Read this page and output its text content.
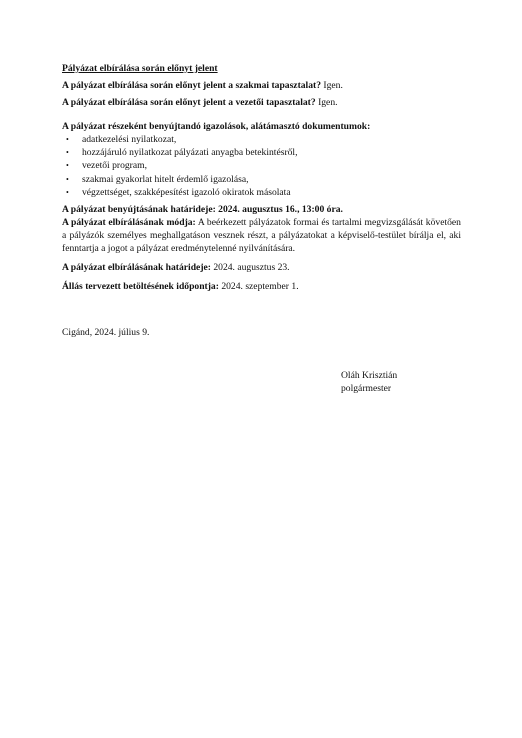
Pályázat elbírálása során előnyt jelent

A pályázat elbírálása során előnyt jelent a szakmai tapasztalat? Igen.

A pályázat elbírálása során előnyt jelent a vezetői tapasztalat? Igen.

A pályázat részeként benyújtandó igazolások, alátámasztó dokumentumok:

• adatkezelési nyilatkozat,
• hozzájáruló nyilatkozat pályázati anyagba betekintésről,
• vezetői program,
• szakmai gyakorlat hitelt érdemlő igazolása,
• végzettséget, szakképesítést igazoló okiratok másolata

A pályázat benyújtásának határideje: 2024. augusztus 16., 13:00 óra.

A pályázat elbírálásának módja: A beérkezett pályázatok formai és tartalmi megvizsgálását követően a pályázók személyes meghallgatáson vesznek részt, a pályázatokat a képviselő-testület bírálja el, aki fenntartja a jogot a pályázat eredménytelenné nyilvánítására.

A pályázat elbírálásának határideje: 2024. augusztus 23.

Állás tervezett betöltésének időpontja: 2024. szeptember 1.

Cigánd, 2024. július 9.

Oláh Krisztián
polgármester
